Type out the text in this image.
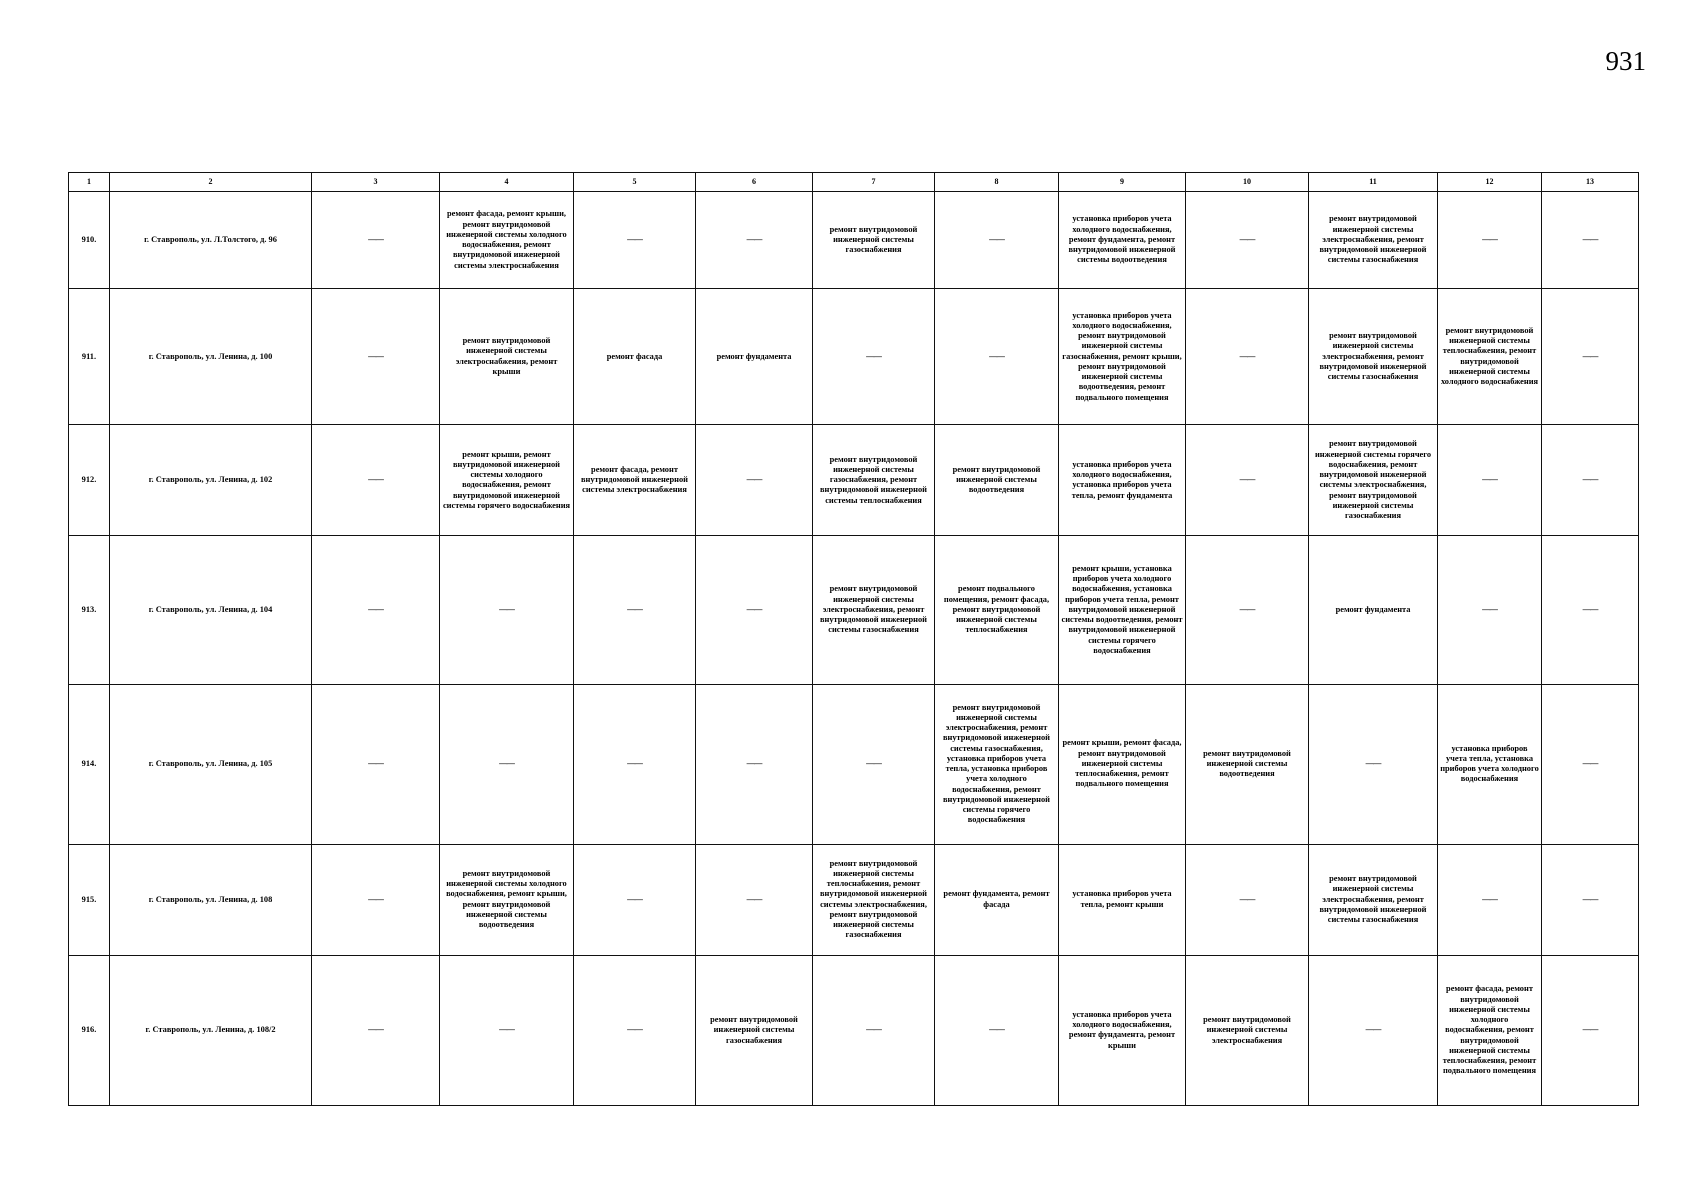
931
1	2	3	4	5	6	7	8	9	10	11	12	13
910.	г. Ставрополь, ул. Л.Толстого, д. 96	——	ремонт фасада, ремонт крыши, ремонт внутридомовой инженерной системы холодного водоснабжения, ремонт внутридомовой инженерной системы электроснабжения	——	——	ремонт внутридомовой инженерной системы газоснабжения	——	установка приборов учета холодного водоснабжения, ремонт фундамента, ремонт внутридомовой инженерной системы водоотведения	——	ремонт внутридомовой инженерной системы электроснабжения, ремонт внутридомовой инженерной системы газоснабжения	——	——
911.	г. Ставрополь, ул. Ленина, д. 100	——	ремонт внутридомовой инженерной системы электроснабжения, ремонт крыши	ремонт фасада	ремонт фундамента	——	——	установка приборов учета холодного водоснабжения, ремонт внутридомовой инженерной системы газоснабжения, ремонт крыши, ремонт внутридомовой инженерной системы водоотведения, ремонт подвального помещения	——	ремонт внутридомовой инженерной системы электроснабжения, ремонт внутридомовой инженерной системы газоснабжения	ремонт внутридомовой инженерной системы теплоснабжения, ремонт внутридомовой инженерной системы холодного водоснабжения	——
912.	г. Ставрополь, ул. Ленина, д. 102	——	ремонт крыши, ремонт внутридомовой инженерной системы холодного водоснабжения, ремонт внутридомовой инженерной системы горячего водоснабжения	ремонт фасада, ремонт внутридомовой инженерной системы электроснабжения	——	ремонт внутридомовой инженерной системы газоснабжения, ремонт внутридомовой инженерной системы теплоснабжения	ремонт внутридомовой инженерной системы водоотведения	установка приборов учета холодного водоснабжения, установка приборов учета тепла, ремонт фундамента	——	ремонт внутридомовой инженерной системы горячего водоснабжения, ремонт внутридомовой инженерной системы электроснабжения, ремонт внутридомовой инженерной системы газоснабжения	——	——
913.	г. Ставрополь, ул. Ленина, д. 104	——	——	——	——	ремонт внутридомовой инженерной системы электроснабжения, ремонт внутридомовой инженерной системы газоснабжения	ремонт подвального помещения, ремонт фасада, ремонт внутридомовой инженерной системы теплоснабжения	ремонт крыши, установка приборов учета холодного водоснабжения, установка приборов учета тепла, ремонт внутридомовой инженерной системы водоотведения, ремонт внутридомовой инженерной системы горячего водоснабжения	——	ремонт фундамента	——	——
914.	г. Ставрополь, ул. Ленина, д. 105	——	——	——	——	——	ремонт внутридомовой инженерной системы электроснабжения, ремонт внутридомовой инженерной системы газоснабжения, установка приборов учета тепла, установка приборов учета холодного водоснабжения, ремонт внутридомовой инженерной системы горячего водоснабжения	ремонт крыши, ремонт фасада, ремонт внутридомовой инженерной системы теплоснабжения, ремонт подвального помещения	ремонт внутридомовой инженерной системы водоотведения	——	установка приборов учета тепла, установка приборов учета холодного водоснабжения	——
915.	г. Ставрополь, ул. Ленина, д. 108	——	ремонт внутридомовой инженерной системы холодного водоснабжения, ремонт крыши, ремонт внутридомовой инженерной системы водоотведения	——	——	ремонт внутридомовой инженерной системы теплоснабжения, ремонт внутридомовой инженерной системы электроснабжения, ремонт внутридомовой инженерной системы газоснабжения	ремонт фундамента, ремонт фасада	установка приборов учета тепла, ремонт крыши	——	ремонт внутридомовой инженерной системы электроснабжения, ремонт внутридомовой инженерной системы газоснабжения	——	——
916.	г. Ставрополь, ул. Ленина, д. 108/2	——	——	——	ремонт внутридомовой инженерной системы газоснабжения	——	——	установка приборов учета холодного водоснабжения, ремонт фундамента, ремонт крыши	ремонт внутридомовой инженерной системы электроснабжения	——	ремонт фасада, ремонт внутридомовой инженерной системы холодного водоснабжения, ремонт внутридомовой инженерной системы теплоснабжения, ремонт подвального помещения	——
